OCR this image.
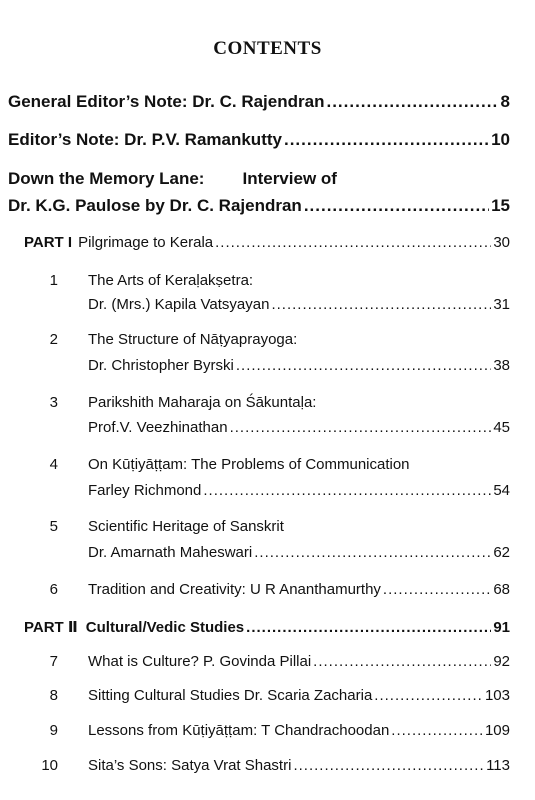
CONTENTS
General Editor’s Note: Dr. C. Rajendran .....	8
Editor’s Note: Dr. P.V. Ramankutty .....	10
Down the Memory Lane: Interview of
Dr. K.G. Paulose by Dr. C. Rajendran .....	15
PART I Pilgrimage to Kerala .....	30
1 The Arts of Keraḷakṣetra:
Dr. (Mrs.) Kapila Vatsyayan .....	31
2 The Structure of Nāṭyaprayoga:
Dr. Christopher Byrski .....	38
3 Parikshith Maharaja on Śākuntaḷa:
Prof.V. Veezhinathan .....	45
4 On Kūṭiyāṭṭam: The Problems of Communication
Farley Richmond .....	54
5 Scientific Heritage of Sanskrit
Dr. Amarnath Maheswari .....	62
6 Tradition and Creativity: U R Ananthamurthy .....	68
PART Ⅱ Cultural/Vedic Studies .....	91
7 What is Culture? P. Govinda Pillai .....	92
8 Sitting Cultural Studies Dr. Scaria Zacharia .....	103
9 Lessons from Kūṭiyāṭṭam: T Chandrachoodan .....	109
10 Sita’s Sons: Satya Vrat Shastri .....	113
